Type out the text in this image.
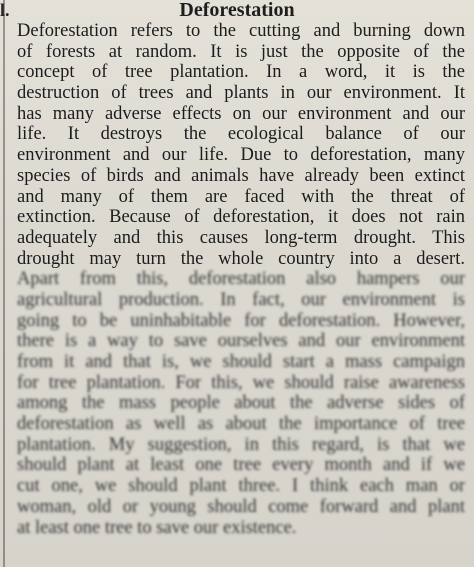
l.	Deforestation
Deforestation refers to the cutting and burning down
of forests at random. It is just the opposite of the
concept of tree plantation. In a word, it is the
destruction of trees and plants in our environment. It
has many adverse effects on our environment and our
life. It destroys the ecological balance of our
environment and our life. Due to deforestation, many
species of birds and animals have already been extinct
and many of them are faced with the threat of
extinction. Because of deforestation, it does not rain
adequately and this causes long-term drought. This
drought may turn the whole country into a desert.
Apart from this, deforestation also hampers our
agricultural production. In fact, our environment is
going to be uninhabitable for deforestation. However,
there is a way to save ourselves and our environment
from it and that is, we should start a mass campaign
for tree plantation. For this, we should raise awareness
among the mass people about the adverse sides of
deforestation as well as about the importance of tree
plantation. My suggestion, in this regard, is that we
should plant at least one tree every month and if we
cut one, we should plant three. I think each man or
woman, old or young should come forward and plant
at least one tree to save our existence.
